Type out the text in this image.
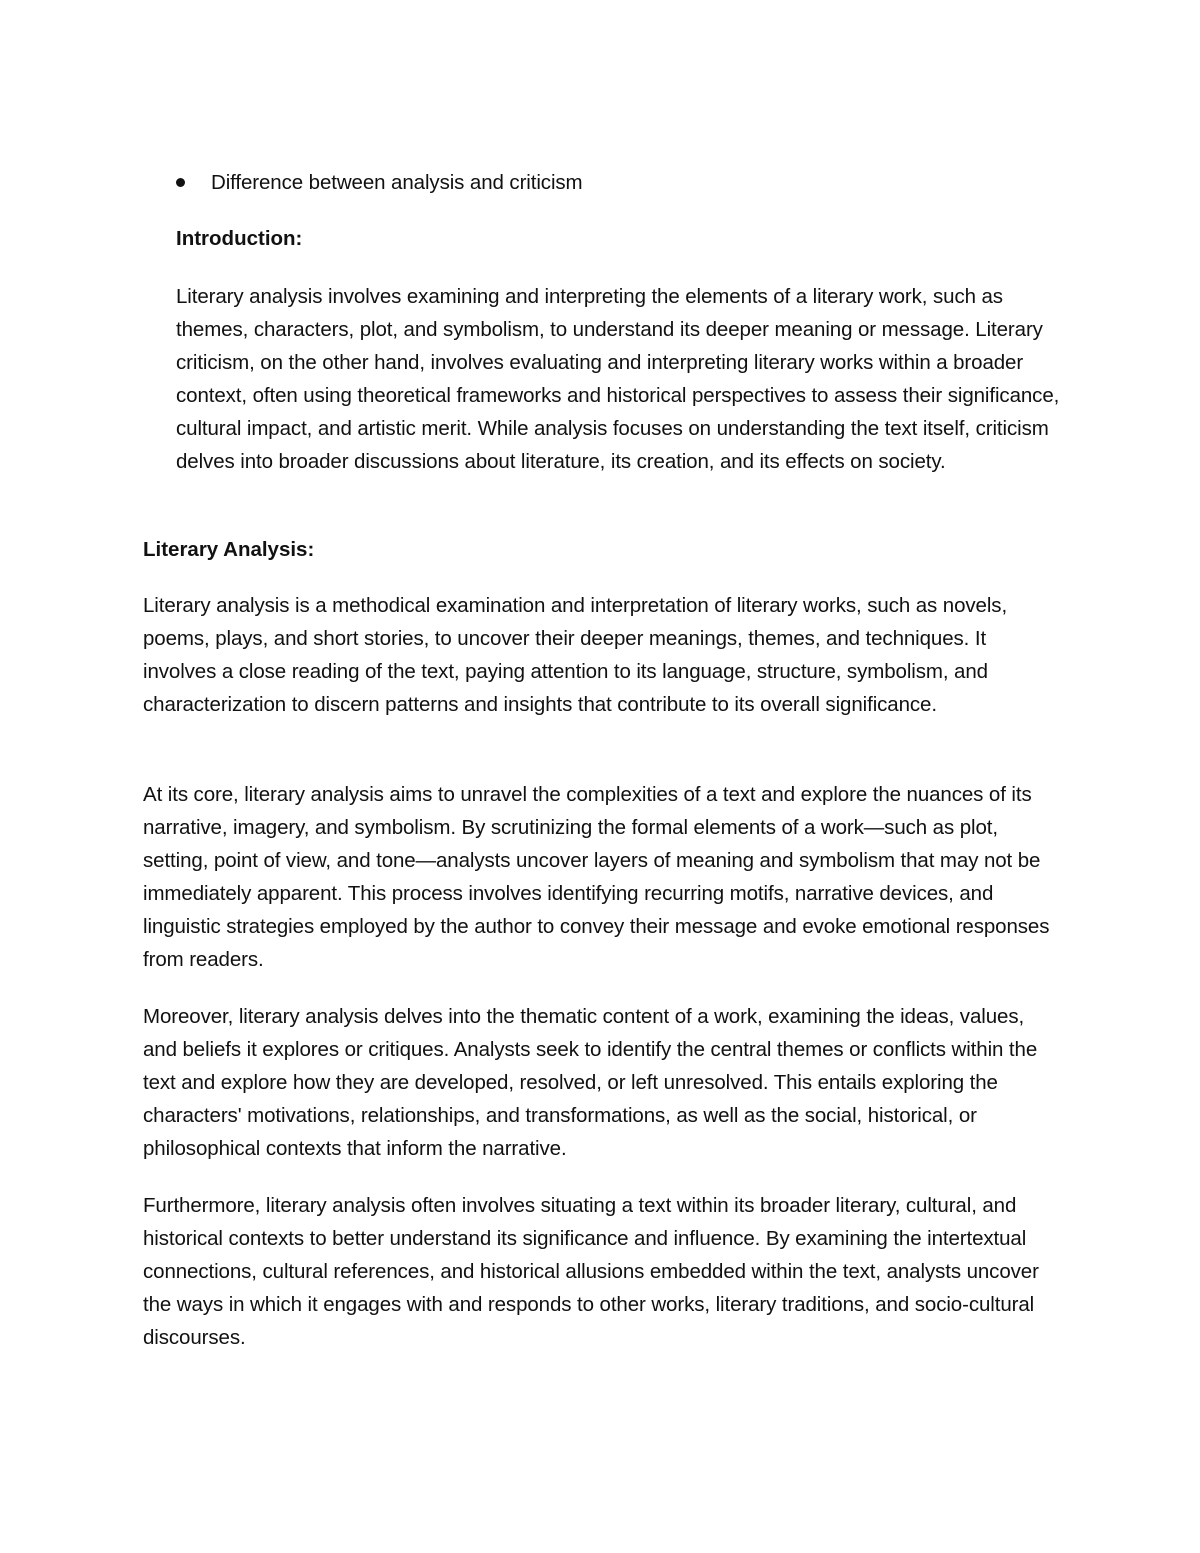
Difference between analysis and criticism

Introduction:

Literary analysis involves examining and interpreting the elements of a literary work, such as themes, characters, plot, and symbolism, to understand its deeper meaning or message. Literary criticism, on the other hand, involves evaluating and interpreting literary works within a broader context, often using theoretical frameworks and historical perspectives to assess their significance, cultural impact, and artistic merit. While analysis focuses on understanding the text itself, criticism delves into broader discussions about literature, its creation, and its effects on society.

Literary Analysis:

Literary analysis is a methodical examination and interpretation of literary works, such as novels, poems, plays, and short stories, to uncover their deeper meanings, themes, and techniques. It involves a close reading of the text, paying attention to its language, structure, symbolism, and characterization to discern patterns and insights that contribute to its overall significance.

At its core, literary analysis aims to unravel the complexities of a text and explore the nuances of its narrative, imagery, and symbolism. By scrutinizing the formal elements of a work—such as plot, setting, point of view, and tone—analysts uncover layers of meaning and symbolism that may not be immediately apparent. This process involves identifying recurring motifs, narrative devices, and linguistic strategies employed by the author to convey their message and evoke emotional responses from readers.

Moreover, literary analysis delves into the thematic content of a work, examining the ideas, values, and beliefs it explores or critiques. Analysts seek to identify the central themes or conflicts within the text and explore how they are developed, resolved, or left unresolved. This entails exploring the characters' motivations, relationships, and transformations, as well as the social, historical, or philosophical contexts that inform the narrative.

Furthermore, literary analysis often involves situating a text within its broader literary, cultural, and historical contexts to better understand its significance and influence. By examining the intertextual connections, cultural references, and historical allusions embedded within the text, analysts uncover the ways in which it engages with and responds to other works, literary traditions, and socio-cultural discourses.
